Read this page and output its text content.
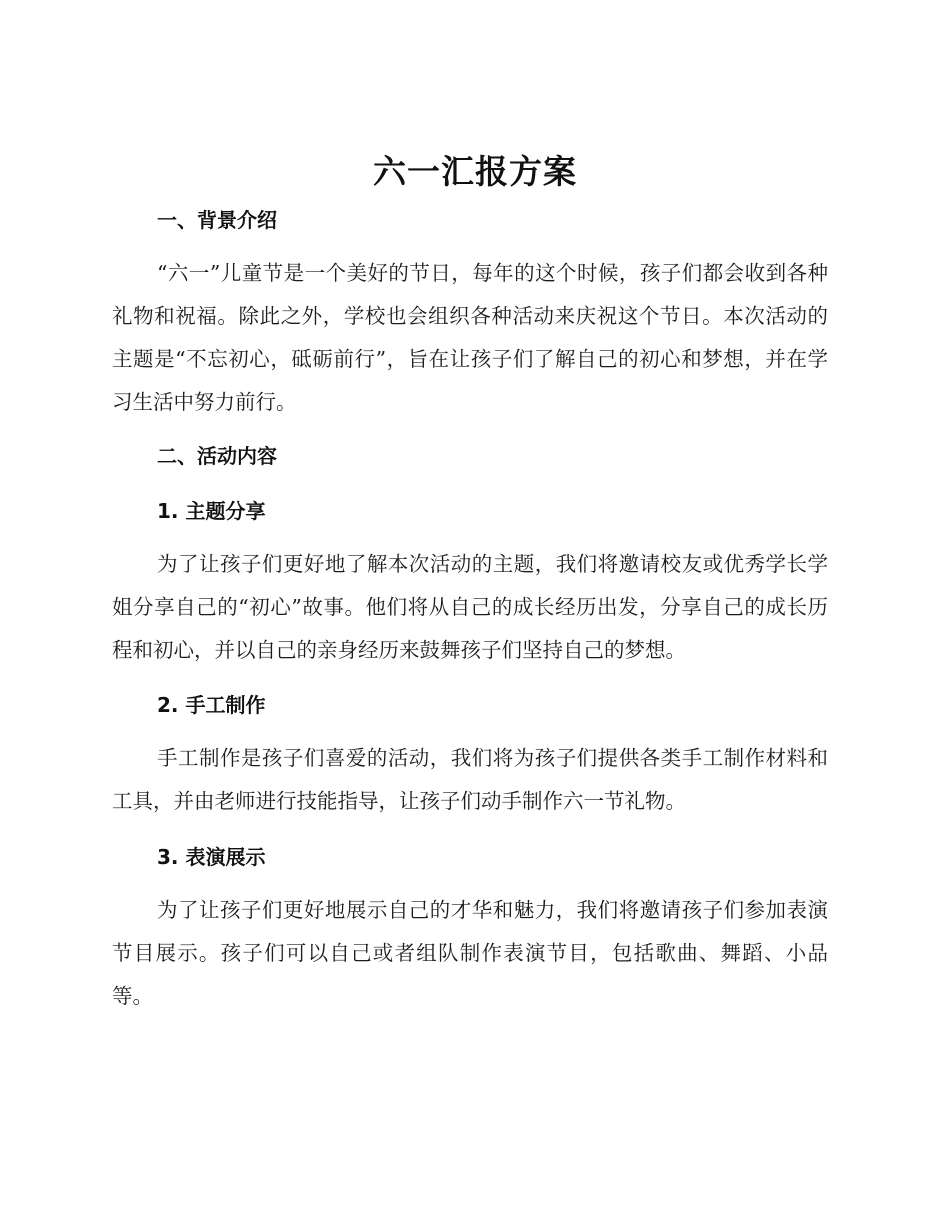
六一汇报方案
一、背景介绍

“六一”儿童节是一个美好的节日，每年的这个时候，孩子们都会收到各种礼物和祝福。除此之外，学校也会组织各种活动来庆祝这个节日。本次活动的主题是“不忘初心，砥砺前行”，旨在让孩子们了解自己的初心和梦想，并在学习生活中努力前行。

二、活动内容
1. 主题分享

为了让孩子们更好地了解本次活动的主题，我们将邀请校友或优秀学长学姐分享自己的“初心”故事。他们将从自己的成长经历出发，分享自己的成长历程和初心，并以自己的亲身经历来鼓舞孩子们坚持自己的梦想。

2. 手工制作

手工制作是孩子们喜爱的活动，我们将为孩子们提供各类手工制作材料和工具，并由老师进行技能指导，让孩子们动手制作六一节礼物。

3. 表演展示

为了让孩子们更好地展示自己的才华和魅力，我们将邀请孩子们参加表演节目展示。孩子们可以自己或者组队制作表演节目，包括歌曲、舞蹈、小品等。
